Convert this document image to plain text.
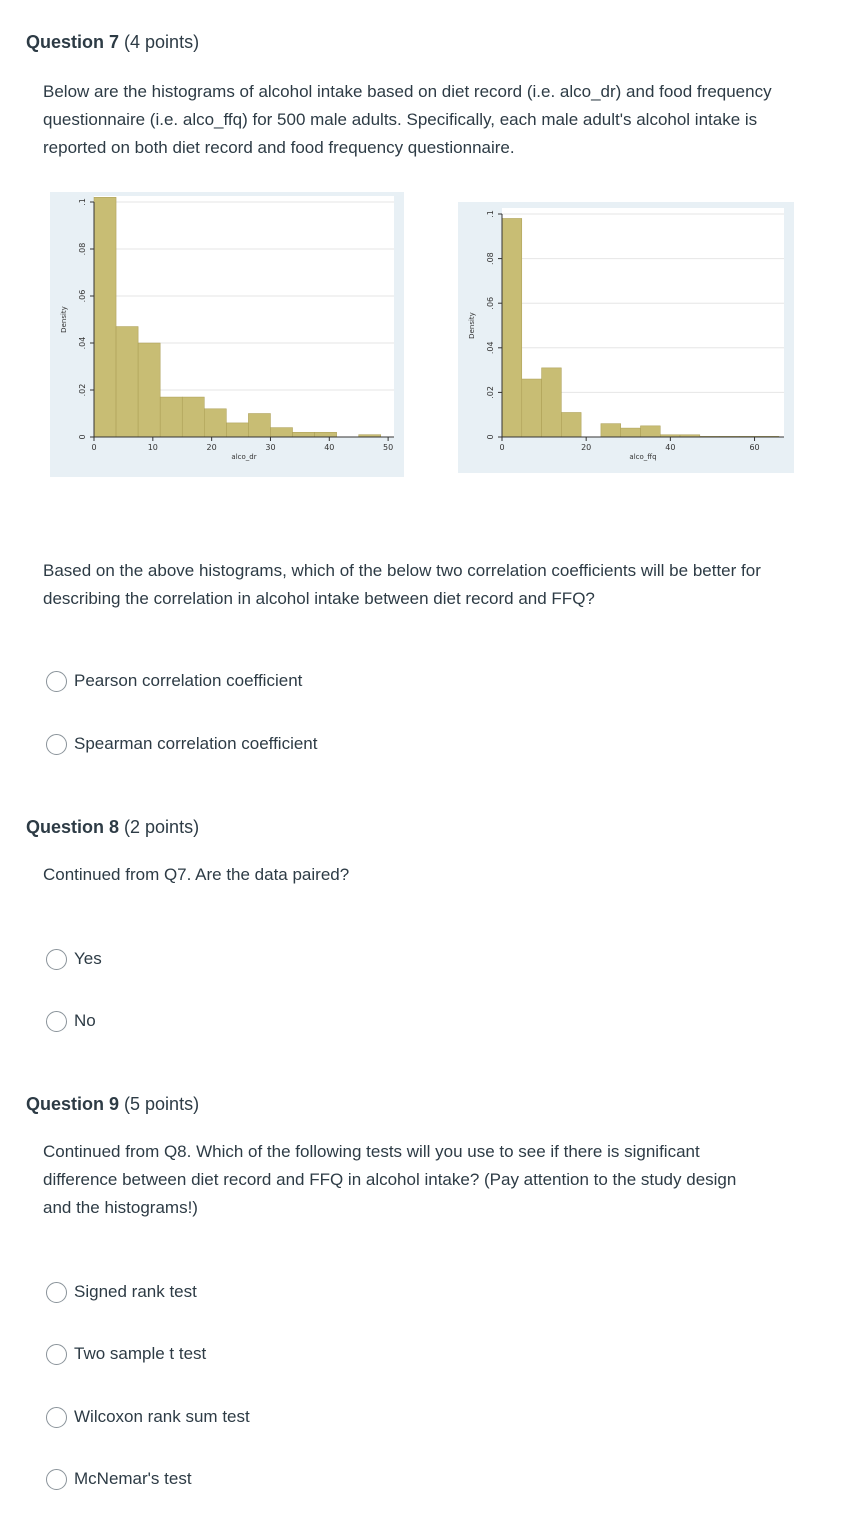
Question 7 (4 points)
Below are the histograms of alcohol intake based on diet record (i.e. alco_dr) and food frequency questionnaire (i.e. alco_ffq) for 500 male adults. Specifically, each male adult's alcohol intake is reported on both diet record and food frequency questionnaire.
0	10	20	30	40	50
0
.02
.04
.06
.08
.1
alco_dr
Density
0	20	40	60
0
.02
.04
.06
.08
.1
alco_ffq
Density
Based on the above histograms, which of the below two correlation coefficients will be better for describing the correlation in alcohol intake between diet record and FFQ?
Pearson correlation coefficient
Spearman correlation coefficient
Question 8 (2 points)
Continued from Q7. Are the data paired?
Yes
No
Question 9 (5 points)
Continued from Q8. Which of the following tests will you use to see if there is significant difference between diet record and FFQ in alcohol intake? (Pay attention to the study design and the histograms!)
Signed rank test
Two sample t test
Wilcoxon rank sum test
McNemar's test
